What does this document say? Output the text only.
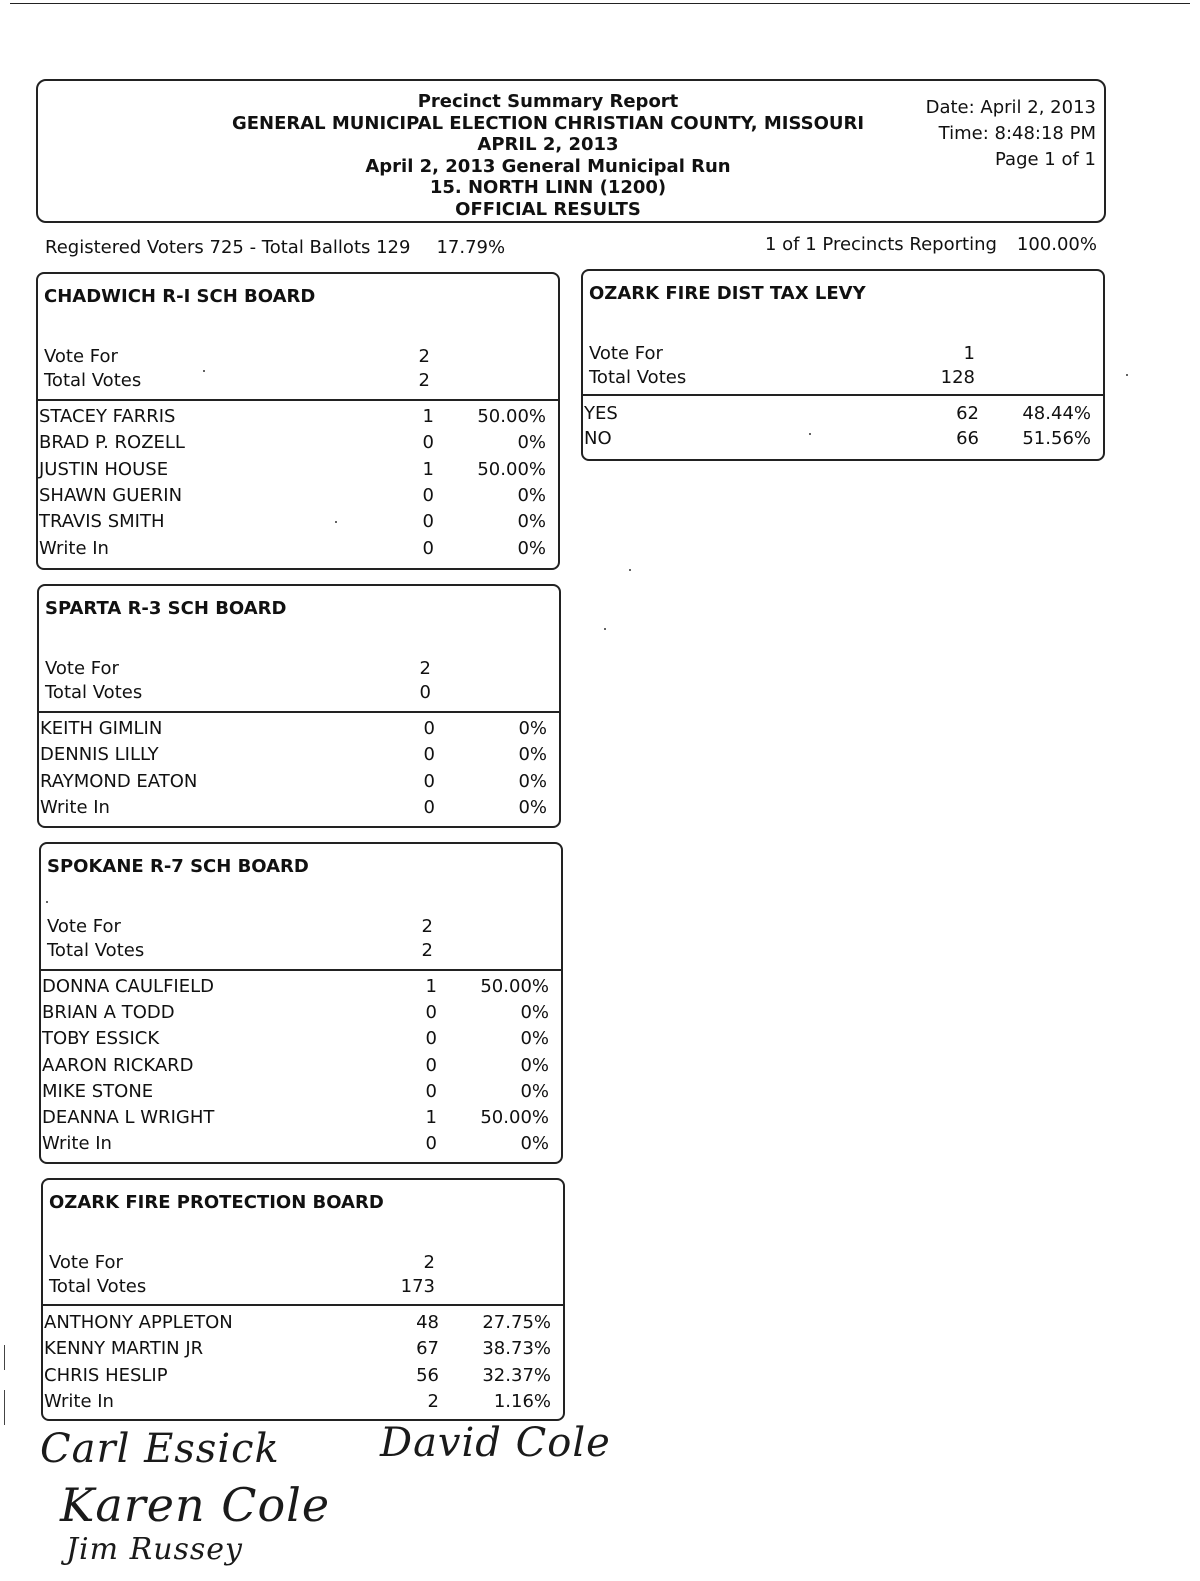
Precinct Summary Report
GENERAL MUNICIPAL ELECTION CHRISTIAN COUNTY, MISSOURI
APRIL 2, 2013
April 2, 2013 General Municipal Run
15. NORTH LINN (1200)
OFFICIAL RESULTS
Date: April 2, 2013
Time: 8:48:18 PM
Page 1 of 1
Registered Voters 725 - Total Ballots 129 17.79%	1 of 1 Precincts Reporting 100.00%
CHADWICH R-I SCH BOARD
Vote For	2
Total Votes	2
STACEY FARRIS	1	50.00%
BRAD P. ROZELL	0	0%
JUSTIN HOUSE	1	50.00%
SHAWN GUERIN	0	0%
TRAVIS SMITH	0	0%
Write In	0	0%
OZARK FIRE DIST TAX LEVY
Vote For	1
Total Votes	128
YES	62	48.44%
NO	66	51.56%
SPARTA R-3 SCH BOARD
Vote For	2
Total Votes	0
KEITH GIMLIN	0	0%
DENNIS LILLY	0	0%
RAYMOND EATON	0	0%
Write In	0	0%
SPOKANE R-7 SCH BOARD
Vote For	2
Total Votes	2
DONNA CAULFIELD	1	50.00%
BRIAN A TODD	0	0%
TOBY ESSICK	0	0%
AARON RICKARD	0	0%
MIKE STONE	0	0%
DEANNA L WRIGHT	1	50.00%
Write In	0	0%
OZARK FIRE PROTECTION BOARD
Vote For	2
Total Votes	173
ANTHONY APPLETON	48	27.75%
KENNY MARTIN JR	67	38.73%
CHRIS HESLIP	56	32.37%
Write In	2	1.16%
Carl Essick	David Cole
Karen Cole
Jim Russey
